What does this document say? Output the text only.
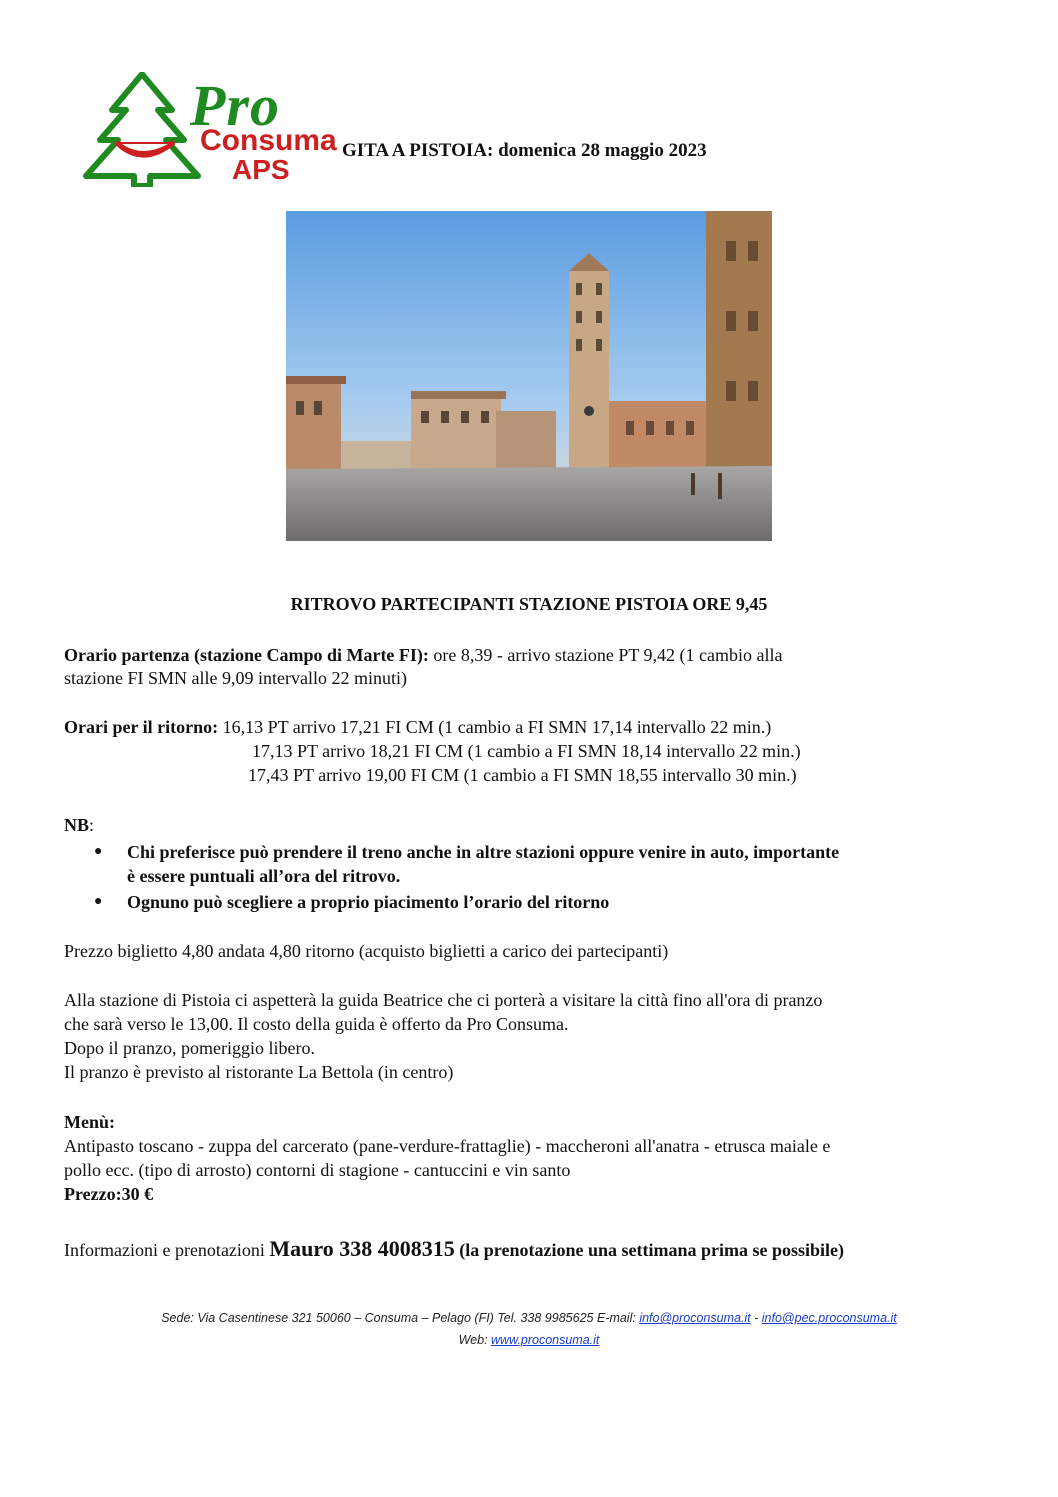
Pro
Consuma
APS
GITA A PISTOIA: domenica 28 maggio 2023
RITROVO PARTECIPANTI STAZIONE PISTOIA ORE 9,45
Orario partenza (stazione Campo di Marte FI): ore 8,39 - arrivo stazione PT 9,42 (1 cambio alla
stazione FI SMN alle 9,09 intervallo 22 minuti)
Orari per il ritorno: 16,13 PT arrivo 17,21 FI CM (1 cambio a FI SMN 17,14 intervallo 22 min.)
17,13 PT arrivo 18,21 FI CM (1 cambio a FI SMN 18,14 intervallo 22 min.)
17,43 PT arrivo 19,00 FI CM (1 cambio a FI SMN 18,55 intervallo 30 min.)
NB:
● Chi preferisce può prendere il treno anche in altre stazioni oppure venire in auto, importante
è essere puntuali all’ora del ritrovo.
● Ognuno può scegliere a proprio piacimento l’orario del ritorno
Prezzo biglietto 4,80 andata 4,80 ritorno (acquisto biglietti a carico dei partecipanti)
Alla stazione di Pistoia ci aspetterà la guida Beatrice che ci porterà a visitare la città fino all'ora di pranzo
che sarà verso le 13,00. Il costo della guida è offerto da Pro Consuma.
Dopo il pranzo, pomeriggio libero.
Il pranzo è previsto al ristorante La Bettola (in centro)
Menù:
Antipasto toscano - zuppa del carcerato (pane-verdure-frattaglie) - maccheroni all'anatra - etrusca maiale e
pollo ecc. (tipo di arrosto) contorni di stagione - cantuccini e vin santo
Prezzo:30 €
Informazioni e prenotazioni Mauro 338 4008315 (la prenotazione una settimana prima se possibile)
Sede: Via Casentinese 321 50060 – Consuma – Pelago (FI) Tel. 338 9985625 E-mail: info@proconsuma.it - info@pec.proconsuma.it
Web: www.proconsuma.it
